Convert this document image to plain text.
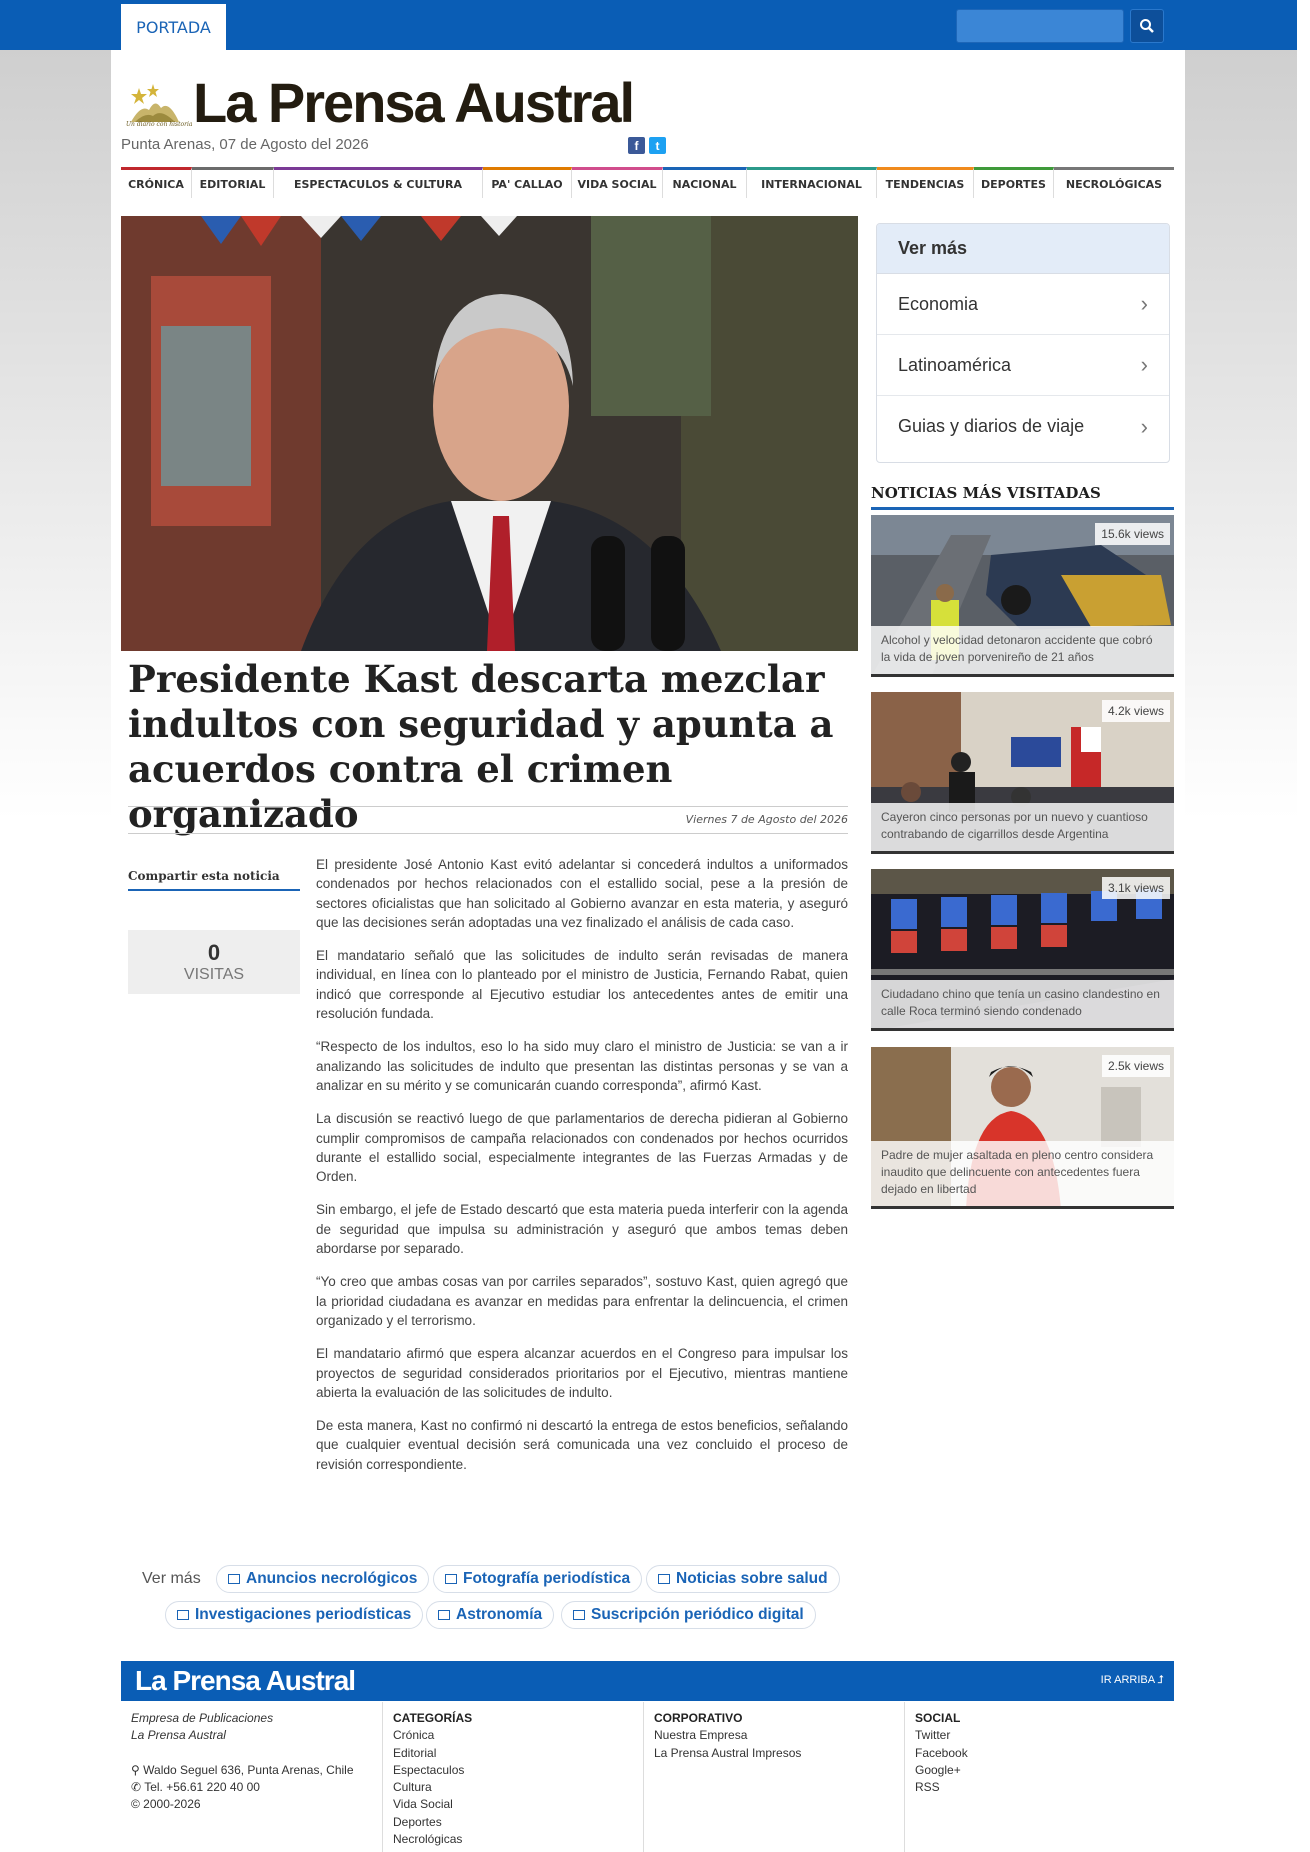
PORTADA
Un diario con historia La Prensa Austral
Punta Arenas, 07 de Agosto del 2026	f	t
CRÓNICA	EDITORIAL	ESPECTACULOS & CULTURA	PA' CALLAO	VIDA SOCIAL	NACIONAL	INTERNACIONAL	TENDENCIAS	DEPORTES	NECROLÓGICAS
Presidente Kast descarta mezclar indultos con seguridad y apunta a acuerdos contra el crimen organizado	Viernes 7 de Agosto del 2026
Compartir esta noticia
0
VISITAS

El presidente José Antonio Kast evitó adelantar si concederá indultos a uniformados condenados por hechos relacionados con el estallido social, pese a la presión de sectores oficialistas que han solicitado al Gobierno avanzar en esta materia, y aseguró que las decisiones serán adoptadas una vez finalizado el análisis de cada caso.

El mandatario señaló que las solicitudes de indulto serán revisadas de manera individual, en línea con lo planteado por el ministro de Justicia, Fernando Rabat, quien indicó que corresponde al Ejecutivo estudiar los antecedentes antes de emitir una resolución fundada.

“Respecto de los indultos, eso lo ha sido muy claro el ministro de Justicia: se van a ir analizando las solicitudes de indulto que presentan las distintas personas y se van a analizar en su mérito y se comunicarán cuando corresponda”, afirmó Kast.

La discusión se reactivó luego de que parlamentarios de derecha pidieran al Gobierno cumplir compromisos de campaña relacionados con condenados por hechos ocurridos durante el estallido social, especialmente integrantes de las Fuerzas Armadas y de Orden.

Sin embargo, el jefe de Estado descartó que esta materia pueda interferir con la agenda de seguridad que impulsa su administración y aseguró que ambos temas deben abordarse por separado.

“Yo creo que ambas cosas van por carriles separados”, sostuvo Kast, quien agregó que la prioridad ciudadana es avanzar en medidas para enfrentar la delincuencia, el crimen organizado y el terrorismo.

El mandatario afirmó que espera alcanzar acuerdos en el Congreso para impulsar los proyectos de seguridad considerados prioritarios por el Ejecutivo, mientras mantiene abierta la evaluación de las solicitudes de indulto.

De esta manera, Kast no confirmó ni descartó la entrega de estos beneficios, señalando que cualquier eventual decisión será comunicada una vez concluido el proceso de revisión correspondiente.

Ver más
Economia	›
Latinoamérica	›
Guias y diarios de viaje	›
NOTICIAS MÁS VISITADAS
15.6k views
Alcohol y velocidad detonaron accidente que cobró la vida de joven porvenireño de 21 años
4.2k views
Cayeron cinco personas por un nuevo y cuantioso contrabando de cigarrillos desde Argentina
3.1k views
Ciudadano chino que tenía un casino clandestino en calle Roca terminó siendo condenado
2.5k views
Padre de mujer asaltada en pleno centro considera inaudito que delincuente con antecedentes fuera dejado en libertad
Ver más	Anuncios necrológicos	Fotografía periodística	Noticias sobre salud
Investigaciones periodísticas	Astronomía	Suscripción periódico digital
La Prensa Austral	IR ARRIBA ⮥
Empresa de Publicaciones
La Prensa Austral
⚲ Waldo Seguel 636, Punta Arenas, Chile
✆ Tel. +56.61 220 40 00
© 2000-2026
CATEGORÍAS
Crónica
Editorial
Espectaculos
Cultura
Vida Social
Deportes
Necrológicas
CORPORATIVO
Nuestra Empresa
La Prensa Austral Impresos
SOCIAL
Twitter
Facebook
Google+
RSS
